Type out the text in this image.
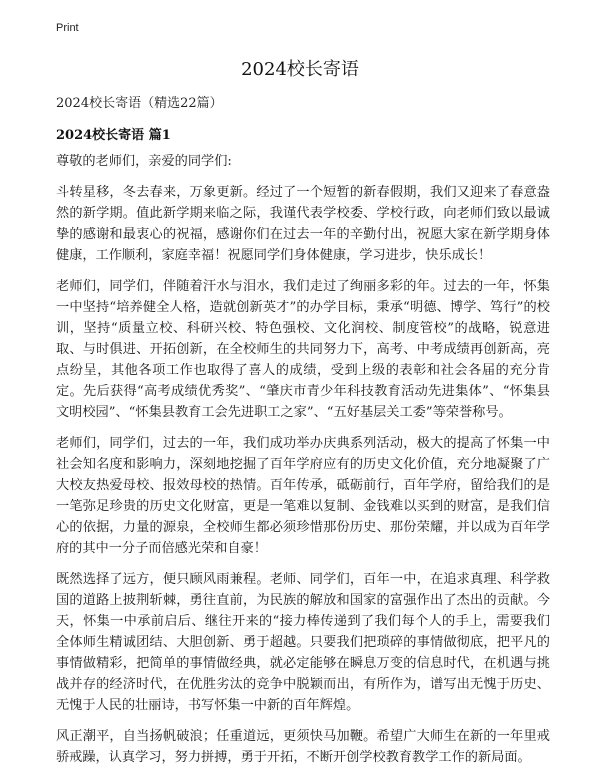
Print
2024校长寄语
2024校长寄语（精选22篇）
2024校长寄语 篇1

尊敬的老师们，亲爱的同学们:

斗转星移，冬去春来，万象更新。经过了一个短暂的新春假期，我们又迎来了春意盎然的新学期。值此新学期来临之际，我谨代表学校委、学校行政，向老师们致以最诚挚的感谢和最衷心的祝福，感谢你们在过去一年的辛勤付出，祝愿大家在新学期身体健康，工作顺利，家庭幸福！祝愿同学们身体健康，学习进步，快乐成长！

老师们，同学们，伴随着汗水与泪水，我们走过了绚丽多彩的年。过去的一年，怀集一中坚持“培养健全人格，造就创新英才”的办学目标，秉承“明德、博学、笃行”的校训，坚持“质量立校、科研兴校、特色强校、文化润校、制度管校”的战略，锐意进取、与时俱进、开拓创新，在全校师生的共同努力下，高考、中考成绩再创新高，亮点纷呈，其他各项工作也取得了喜人的成绩，受到上级的表彰和社会各届的充分肯定。先后获得“高考成绩优秀奖”、“肇庆市青少年科技教育活动先进集体”、“怀集县文明校园”、“怀集县教育工会先进职工之家”、“五好基层关工委”等荣誉称号。

老师们，同学们，过去的一年，我们成功举办庆典系列活动，极大的提高了怀集一中社会知名度和影响力，深刻地挖掘了百年学府应有的历史文化价值，充分地凝聚了广大校友热爱母校、报效母校的热情。百年传承，砥砺前行，百年学府，留给我们的是一笔弥足珍贵的历史文化财富，更是一笔难以复制、金钱难以买到的财富，是我们信心的依据，力量的源泉，全校师生都必须珍惜那份历史、那份荣耀，并以成为百年学府的其中一分子而倍感光荣和自豪！

既然选择了远方，便只顾风雨兼程。老师、同学们，百年一中，在追求真理、科学救国的道路上披荆斩棘，勇往直前，为民族的解放和国家的富强作出了杰出的贡献。今天，怀集一中承前启后、继往开来的“接力棒传递到了我们每个人的手上，需要我们全体师生精诚团结、大胆创新、勇于超越。只要我们把琐碎的事情做彻底，把平凡的事情做精彩，把简单的事情做经典，就必定能够在瞬息万变的信息时代，在机遇与挑战并存的经济时代，在优胜劣汰的竞争中脱颖而出，有所作为，谱写出无愧于历史、无愧于人民的壮丽诗，书写怀集一中新的百年辉煌。

风正潮平，自当扬帆破浪；任重道远，更须快马加鞭。希望广大师生在新的一年里戒骄戒躁，认真学习，努力拼搏，勇于开拓，不断开创学校教育教学工作的新局面。
